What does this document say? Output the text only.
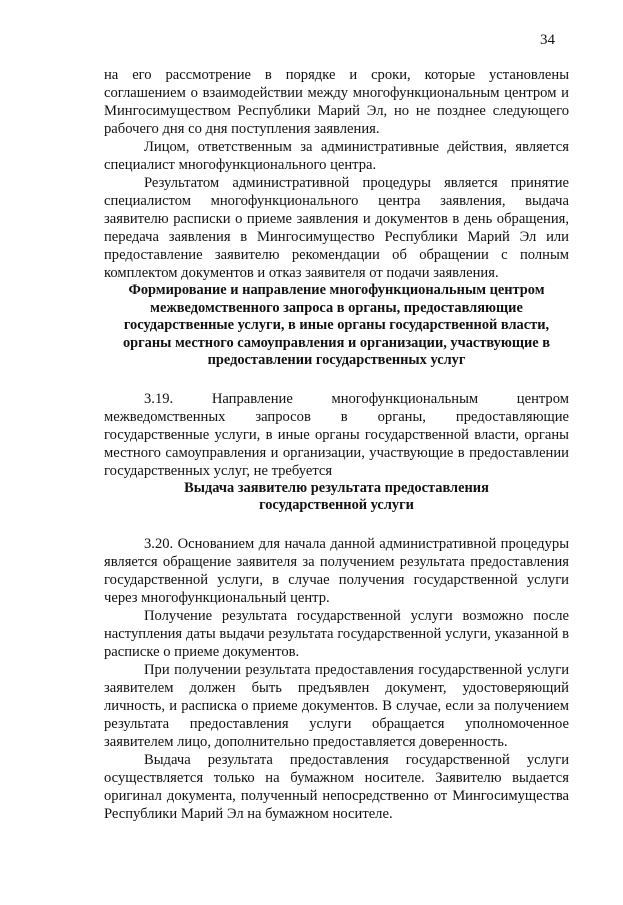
34

на его рассмотрение в порядке и сроки, которые установлены соглашением о взаимодействии между многофункциональным центром и Мингосимуществом Республики Марий Эл, но не позднее следующего рабочего дня со дня поступления заявления.

Лицом, ответственным за административные действия, является специалист многофункционального центра.

Результатом административной процедуры является принятие специалистом многофункционального центра заявления, выдача заявителю расписки о приеме заявления и документов в день обращения, передача заявления в Мингосимущество Республики Марий Эл или предоставление заявителю рекомендации об обращении с полным комплектом документов и отказ заявителя от подачи заявления.

Формирование и направление многофункциональным центром межведомственного запроса в органы, предоставляющие государственные услуги, в иные органы государственной власти, органы местного самоуправления и организации, участвующие в предоставлении государственных услуг

3.19. Направление многофункциональным центром межведомственных запросов в органы, предоставляющие государственные услуги, в иные органы государственной власти, органы местного самоуправления и организации, участвующие в предоставлении государственных услуг, не требуется

Выдача заявителю результата предоставления государственной услуги

3.20. Основанием для начала данной административной процедуры является обращение заявителя за получением результата предоставления государственной услуги, в случае получения государственной услуги через многофункциональный центр.

Получение результата государственной услуги возможно после наступления даты выдачи результата государственной услуги, указанной в расписке о приеме документов.

При получении результата предоставления государственной услуги заявителем должен быть предъявлен документ, удостоверяющий личность, и расписка о приеме документов. В случае, если за получением результата предоставления услуги обращается уполномоченное заявителем лицо, дополнительно предоставляется доверенность.

Выдача результата предоставления государственной услуги осуществляется только на бумажном носителе. Заявителю выдается оригинал документа, полученный непосредственно от Мингосимущества Республики Марий Эл на бумажном носителе.
